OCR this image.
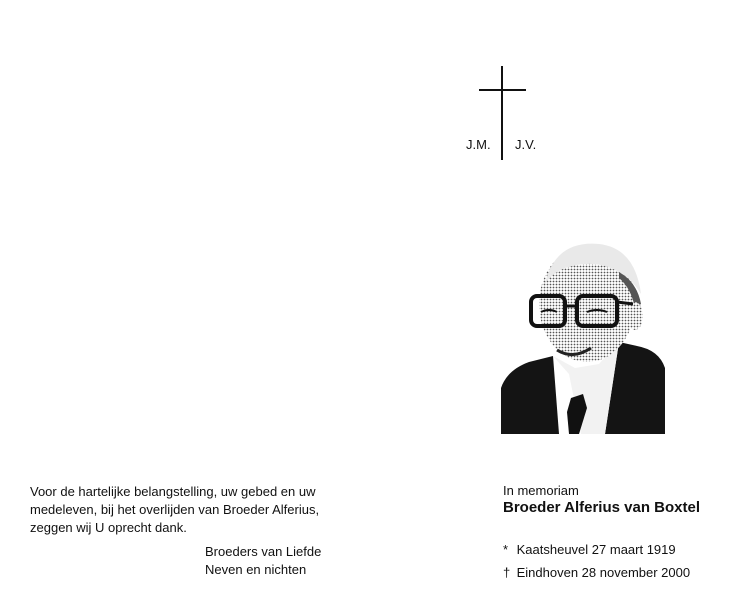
J.M. J.V.

Voor de hartelijke belangstelling, uw gebed en uw
medeleven, bij het overlijden van Broeder Alferius,
zeggen wij U oprecht dank.

Broeders van Liefde
Neven en nichten
In memoriam
Broeder Alferius van Boxtel
* Kaatsheuvel 27 maart 1919
† Eindhoven 28 november 2000
